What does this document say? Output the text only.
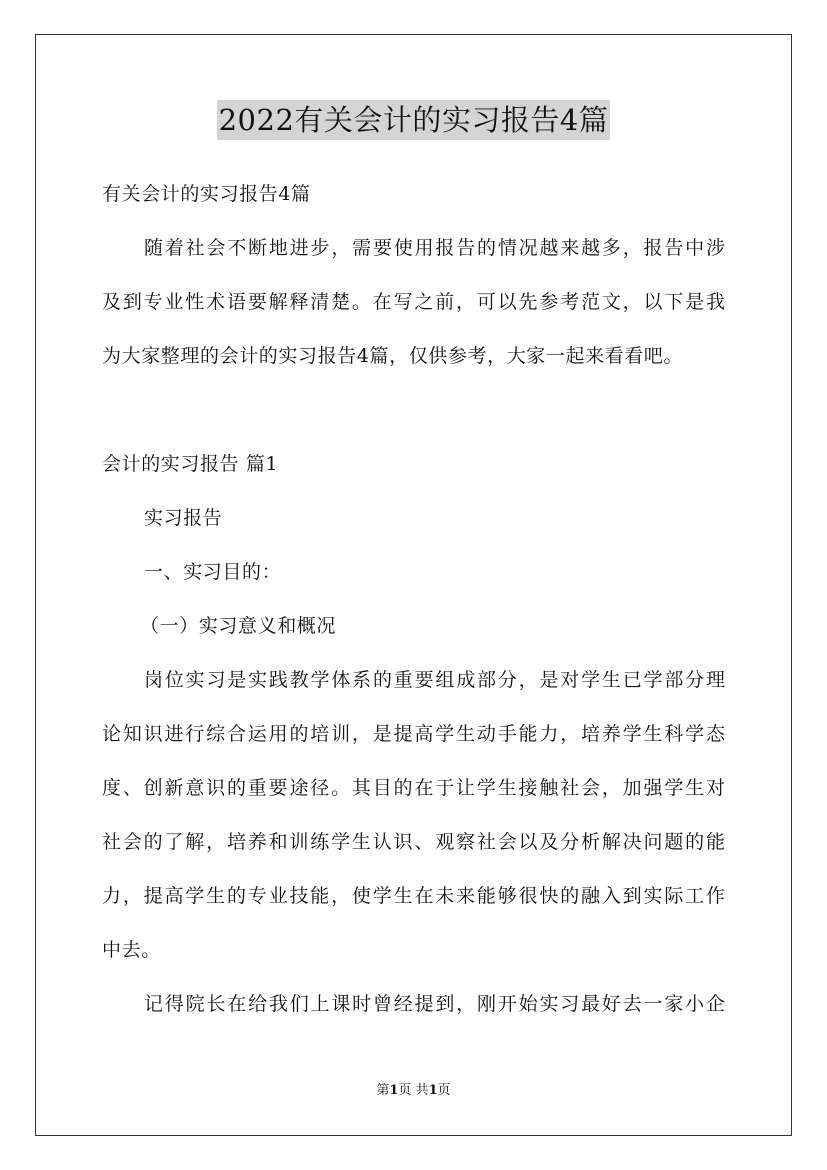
2022有关会计的实习报告4篇
有关会计的实习报告4篇
随着社会不断地进步，需要使用报告的情况越来越多，报告中涉
及到专业性术语要解释清楚。在写之前，可以先参考范文，以下是我
为大家整理的会计的实习报告4篇，仅供参考，大家一起来看看吧。
会计的实习报告 篇1
实习报告
一、实习目的：
（一）实习意义和概况
岗位实习是实践教学体系的重要组成部分，是对学生已学部分理
论知识进行综合运用的培训，是提高学生动手能力，培养学生科学态
度、创新意识的重要途径。其目的在于让学生接触社会，加强学生对
社会的了解，培养和训练学生认识、观察社会以及分析解决问题的能
力，提高学生的专业技能，使学生在未来能够很快的融入到实际工作
中去。
记得院长在给我们上课时曾经提到，刚开始实习最好去一家小企
第1页 共1页
